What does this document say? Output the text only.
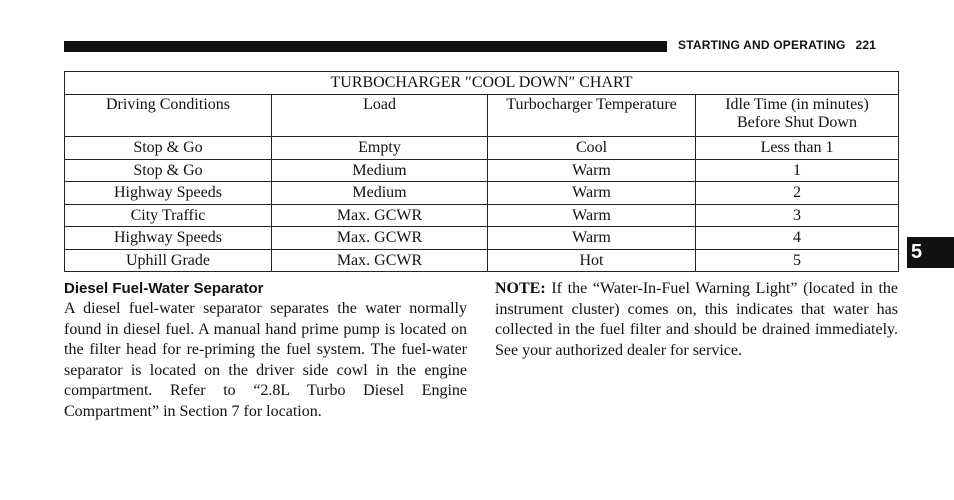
STARTING AND OPERATING 221
5
TURBOCHARGER ″COOL DOWN″ CHART			
Driving Conditions	Load	Turbocharger Temperature	Idle Time (in minutes) Before Shut Down
Stop & Go	Empty	Cool	Less than 1
Stop & Go	Medium	Warm	1
Highway Speeds	Medium	Warm	2
City Traffic	Max. GCWR	Warm	3
Highway Speeds	Max. GCWR	Warm	4
Uphill Grade	Max. GCWR	Hot	5
Diesel Fuel-Water Separator

A diesel fuel-water separator separates the water normally found in diesel fuel. A manual hand prime pump is located on the filter head for re-priming the fuel system. The fuel-water separator is located on the driver side cowl in the engine compartment. Refer to “2.8L Turbo Diesel Engine Compartment” in Section 7 for location.

NOTE: If the “Water-In-Fuel Warning Light” (located in the instrument cluster) comes on, this indicates that water has collected in the fuel filter and should be drained immediately. See your authorized dealer for service.
